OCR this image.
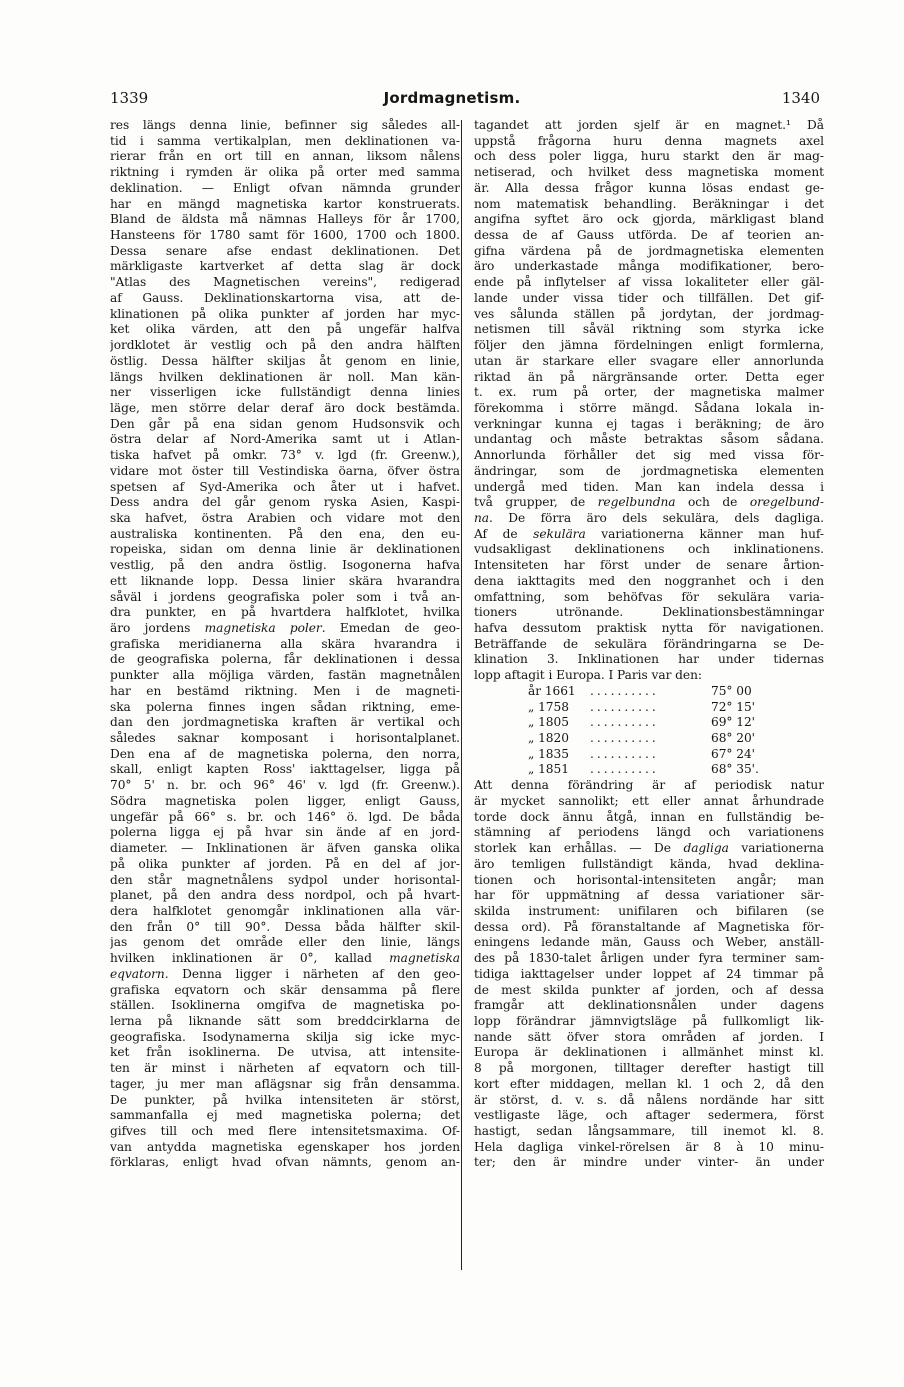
1339	Jordmagnetism.	1340
res längs denna linie, befinner sig således all-
tid i samma vertikalplan, men deklinationen va-
rierar från en ort till en annan, liksom nålens
riktning i rymden är olika på orter med samma
deklination. — Enligt ofvan nämnda grunder
har en mängd magnetiska kartor konstruerats.
Bland de äldsta må nämnas Halleys för år 1700,
Hansteens för 1780 samt för 1600, 1700 och 1800.
Dessa senare afse endast deklinationen. Det
märkligaste kartverket af detta slag är dock
"Atlas des Magnetischen vereins", redigerad
af Gauss. Deklinationskartorna visa, att de-
klinationen på olika punkter af jorden har myc-
ket olika värden, att den på ungefär halfva
jordklotet är vestlig och på den andra hälften
östlig. Dessa hälfter skiljas åt genom en linie,
längs hvilken deklinationen är noll. Man kän-
ner visserligen icke fullständigt denna linies
läge, men större delar deraf äro dock bestämda.
Den går på ena sidan genom Hudsonsvik och
östra delar af Nord-Amerika samt ut i Atlan-
tiska hafvet på omkr. 73° v. lgd (fr. Greenw.),
vidare mot öster till Vestindiska öarna, öfver östra
spetsen af Syd-Amerika och åter ut i hafvet.
Dess andra del går genom ryska Asien, Kaspi-
ska hafvet, östra Arabien och vidare mot den
australiska kontinenten. På den ena, den eu-
ropeiska, sidan om denna linie är deklinationen
vestlig, på den andra östlig. Isogonerna hafva
ett liknande lopp. Dessa linier skära hvarandra
såväl i jordens geografiska poler som i två an-
dra punkter, en på hvartdera halfklotet, hvilka
äro jordens magnetiska poler. Emedan de geo-
grafiska meridianerna alla skära hvarandra i
de geografiska polerna, får deklinationen i dessa
punkter alla möjliga värden, fastän magnetnålen
har en bestämd riktning. Men i de magneti-
ska polerna finnes ingen sådan riktning, eme-
dan den jordmagnetiska kraften är vertikal och
således saknar komposant i horisontalplanet.
Den ena af de magnetiska polerna, den norra,
skall, enligt kapten Ross' iakttagelser, ligga på
70° 5' n. br. och 96° 46' v. lgd (fr. Greenw.).
Södra magnetiska polen ligger, enligt Gauss,
ungefär på 66° s. br. och 146° ö. lgd. De båda
polerna ligga ej på hvar sin ände af en jord-
diameter. — Inklinationen är äfven ganska olika
på olika punkter af jorden. På en del af jor-
den står magnetnålens sydpol under horisontal-
planet, på den andra dess nordpol, och på hvart-
dera halfklotet genomgår inklinationen alla vär-
den från 0° till 90°. Dessa båda hälfter skil-
jas genom det område eller den linie, längs
hvilken inklinationen är 0°, kallad magnetiska
eqvatorn. Denna ligger i närheten af den geo-
grafiska eqvatorn och skär densamma på flere
ställen. Isoklinerna omgifva de magnetiska po-
lerna på liknande sätt som breddcirklarna de
geografiska. Isodynamerna skilja sig icke myc-
ket från isoklinerna. De utvisa, att intensite-
ten är minst i närheten af eqvatorn och till-
tager, ju mer man aflägsnar sig från densamma.
De punkter, på hvilka intensiteten är störst,
sammanfalla ej med magnetiska polerna; det
gifves till och med flere intensitetsmaxima. Of-
van antydda magnetiska egenskaper hos jorden
förklaras, enligt hvad ofvan nämnts, genom an-
tagandet att jorden sjelf är en magnet.¹ Då
uppstå frågorna huru denna magnets axel
och dess poler ligga, huru starkt den är mag-
netiserad, och hvilket dess magnetiska moment
är. Alla dessa frågor kunna lösas endast ge-
nom matematisk behandling. Beräkningar i det
angifna syftet äro ock gjorda, märkligast bland
dessa de af Gauss utförda. De af teorien an-
gifna värdena på de jordmagnetiska elementen
äro underkastade många modifikationer, bero-
ende på inflytelser af vissa lokaliteter eller gäl-
lande under vissa tider och tillfällen. Det gif-
ves sålunda ställen på jordytan, der jordmag-
netismen till såväl riktning som styrka icke
följer den jämna fördelningen enligt formlerna,
utan är starkare eller svagare eller annorlunda
riktad än på närgränsande orter. Detta eger
t. ex. rum på orter, der magnetiska malmer
förekomma i större mängd. Sådana lokala in-
verkningar kunna ej tagas i beräkning; de äro
undantag och måste betraktas såsom sådana.
Annorlunda förhåller det sig med vissa för-
ändringar, som de jordmagnetiska elementen
undergå med tiden. Man kan indela dessa i
två grupper, de regelbundna och de oregelbund-
na. De förra äro dels sekulära, dels dagliga.
Af de sekulära variationerna känner man huf-
vudsakligast deklinationens och inklinationens.
Intensiteten har först under de senare årtion-
dena iakttagits med den noggranhet och i den
omfattning, som behöfvas för sekulära varia-
tioners utrönande. Deklinationsbestämningar
hafva dessutom praktisk nytta för navigationen.
Beträffande de sekulära förändringarna se De-
klination 3. Inklinationen har under tidernas
lopp aftagit i Europa. I Paris var den:
år 1661	..........	75° 00
„ 1758	..........	72° 15'
„ 1805	..........	69° 12'
„ 1820	..........	68° 20'
„ 1835	..........	67° 24'
„ 1851	..........	68° 35'.
Att denna förändring är af periodisk natur
är mycket sannolikt; ett eller annat århundrade
torde dock ännu åtgå, innan en fullständig be-
stämning af periodens längd och variationens
storlek kan erhållas. — De dagliga variationerna
äro temligen fullständigt kända, hvad deklina-
tionen och horisontal-intensiteten angår; man
har för uppmätning af dessa variationer sär-
skilda instrument: unifilaren och bifilaren (se
dessa ord). På föranstaltande af Magnetiska för-
eningens ledande män, Gauss och Weber, anställ-
des på 1830-talet årligen under fyra terminer sam-
tidiga iakttagelser under loppet af 24 timmar på
de mest skilda punkter af jorden, och af dessa
framgår att deklinationsnålen under dagens
lopp förändrar jämnvigtsläge på fullkomligt lik-
nande sätt öfver stora områden af jorden. I
Europa är deklinationen i allmänhet minst kl.
8 på morgonen, tilltager derefter hastigt till
kort efter middagen, mellan kl. 1 och 2, då den
är störst, d. v. s. då nålens nordände har sitt
vestligaste läge, och aftager sedermera, först
hastigt, sedan långsammare, till inemot kl. 8.
Hela dagliga vinkel-rörelsen är 8 à 10 minu-
ter; den är mindre under vinter- än under
